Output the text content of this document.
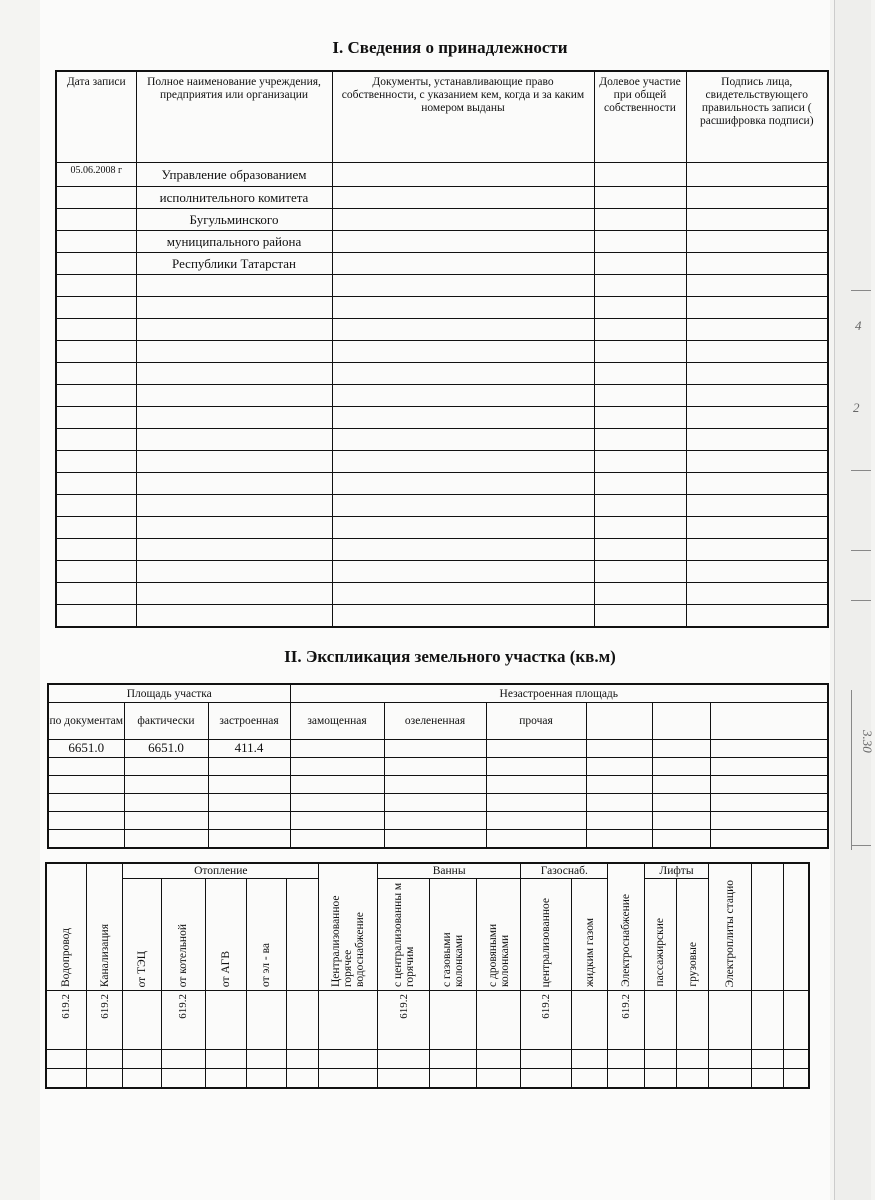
4
2
3.30
I. Сведения о принадлежности
Дата записи	Полное наименование учреждения, предприятия или организации	Документы, устанавливающие право собственности, с указанием кем, когда и за каким номером выданы	Долевое участие при общей собственности	Подпись лица, свидетельствующего правильность записи ( расшифровка подписи)
05.06.2008 г	Управление образованием			
	исполнительного комитета			
	Бугульминского			
	муниципального района			
	Республики Татарстан			

II. Экспликация земельного участка (кв.м)
Площадь участка			Незастроенная площадь					
по документам	фактически	застроенная	замощенная	озелененная	прочая			
6651.0	6651.0	411.4						

Водопровод	Канализация	Отопление					Централизованное горячее водоснабжение	Ванны			Газоснаб.		Электроснабжение	Лифты		Электроплиты стацио		
		от ТЭЦ	от котельной	от АГВ	от эл - ва			с централизованны м горячим	с газовыми колонками	с дровяными колонками	централизованное	жидким газом		пассажирские	грузовые			
619.2	619.2		619.2					619.2			619.2		619.2					
